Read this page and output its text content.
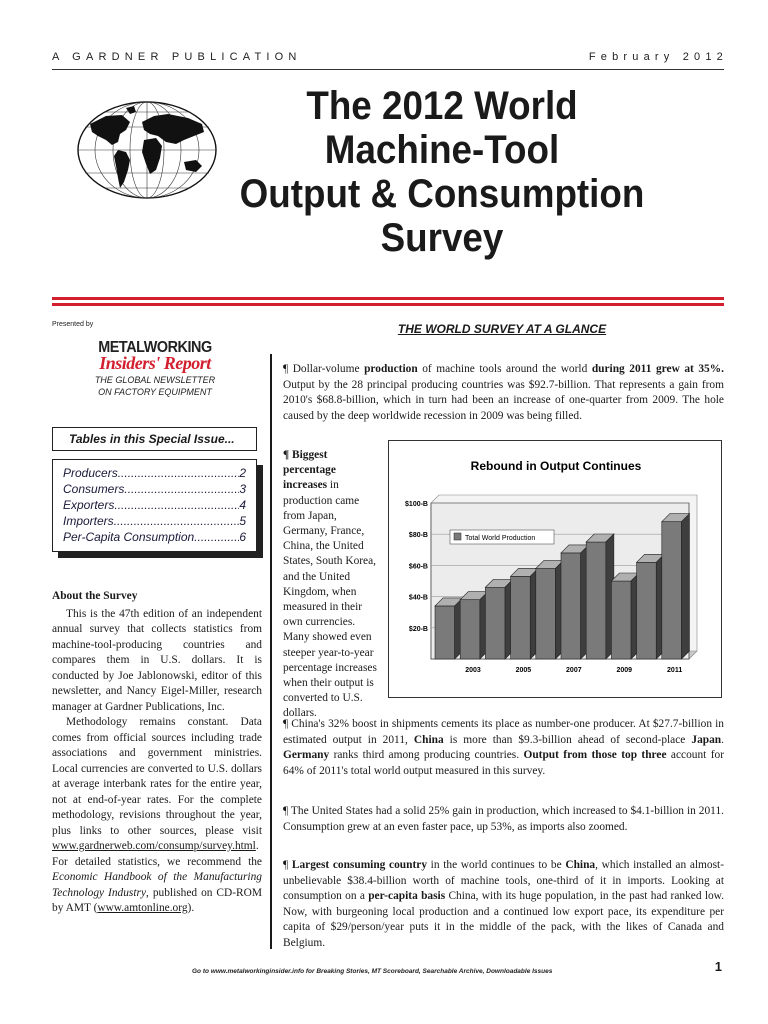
A GARDNER PUBLICATION	February 2012
The 2012 World
Machine-Tool
Output & Consumption
Survey
Presented by
METALWORKING
Insiders' Report
THE GLOBAL NEWSLETTER
ON FACTORY EQUIPMENT
Tables in this Special Issue...
Producers .....	2
Consumers .....	3
Exporters .....	4
Importers .....	5
Per-Capita Consumption .....	6
About the Survey

This is the 47th edition of an independent annual survey that collects statistics from machine-tool-producing countries and compares them in U.S. dollars. It is conducted by Joe Jablonowski, editor of this newsletter, and Nancy Eigel-Miller, research manager at Gardner Publications, Inc.

Methodology remains constant. Data comes from official sources including trade associations and government ministries. Local currencies are converted to U.S. dollars at average interbank rates for the entire year, not at end-of-year rates. For the complete methodology, revisions throughout the year, plus links to other sources, please visit www.gardnerweb.com/consump/survey.html. For detailed statistics, we recommend the Economic Handbook of the Manufacturing Technology Industry, published on CD-ROM by AMT (www.amtonline.org).

THE WORLD SURVEY AT A GLANCE
¶ Dollar-volume production of machine tools around the world during 2011 grew at 35%. Output by the 28 principal producing countries was $92.7-billion. That represents a gain from 2010's $68.8-billion, which in turn had been an increase of one-quarter from 2009. The hole caused by the deep worldwide recession in 2009 was being filled.
¶ Biggest percentage increases in production came from Japan, Germany, France, China, the United States, South Korea, and the United Kingdom, when measured in their own currencies. Many showed even steeper year-to-year percentage increases when their output is converted to U.S. dollars.
$20-B
$40-B
$60-B
$80-B
$100-B
Rebound in Output Continues
2003	2005	2007	2009	2011
Total World Production
¶ China's 32% boost in shipments cements its place as number-one producer. At $27.7-billion in estimated output in 2011, China is more than $9.3-billion ahead of second-place Japan. Germany ranks third among producing countries. Output from those top three account for 64% of 2011's total world output measured in this survey.
¶ The United States had a solid 25% gain in production, which increased to $4.1-billion in 2011. Consumption grew at an even faster pace, up 53%, as imports also zoomed.
¶ Largest consuming country in the world continues to be China, which installed an almost-unbelievable $38.4-billion worth of machine tools, one-third of it in imports. Looking at consumption on a per-capita basis China, with its huge population, in the past had ranked low. Now, with burgeoning local production and a continued low export pace, its expenditure per capita of $29/person/year puts it in the middle of the pack, with the likes of Canada and Belgium.
Go to www.metalworkinginsider.info for Breaking Stories, MT Scoreboard, Searchable Archive, Downloadable Issues	1
